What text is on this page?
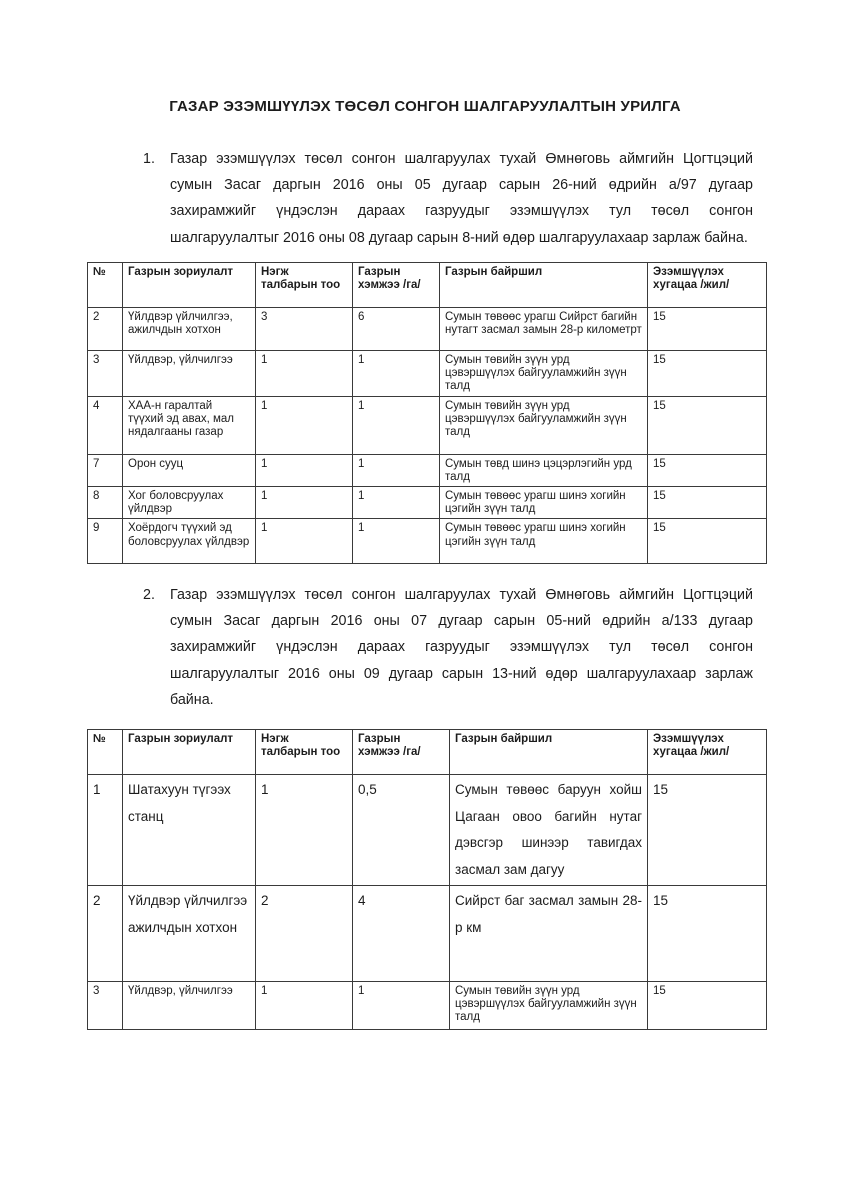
ГАЗАР ЭЗЭМШҮҮЛЭХ ТӨСӨЛ СОНГОН ШАЛГАРУУЛАЛТЫН УРИЛГА
1. Газар эзэмшүүлэх төсөл сонгон шалгаруулах тухай Өмнөговь аймгийн Цогтцэций сумын Засаг даргын 2016 оны 05 дугаар сарын 26-ний өдрийн а/97 дугаар захирамжийг үндэслэн дараах газруудыг эзэмшүүлэх тул төсөл сонгон шалгаруулалтыг 2016 оны 08 дугаар сарын 8-ний өдөр шалгаруулахаар зарлаж байна.
№	Газрын зориулалт	Нэгж талбарын тоо	Газрын хэмжээ /га/	Газрын байршил	Эзэмшүүлэх хугацаа /жил/
2	Үйлдвэр үйлчилгээ, ажилчдын хотхон	3	6	Сумын төвөөс урагш Сийрст багийн нутагт засмал замын 28-р километрт	15
3	Үйлдвэр, үйлчилгээ	1	1	Сумын төвийн зүүн урд цэвэршүүлэх байгууламжийн зүүн талд	15
4	ХАА-н гаралтай түүхий эд авах, мал нядалгааны газар	1	1	Сумын төвийн зүүн урд цэвэршүүлэх байгууламжийн зүүн талд	15
7	Орон сууц	1	1	Сумын төвд шинэ цэцэрлэгийн урд талд	15
8	Хог боловсруулах үйлдвэр	1	1	Сумын төвөөс урагш шинэ хогийн цэгийн зүүн талд	15
9	Хоёрдогч түүхий эд боловсруулах үйлдвэр	1	1	Сумын төвөөс урагш шинэ хогийн цэгийн зүүн талд	15
2. Газар эзэмшүүлэх төсөл сонгон шалгаруулах тухай Өмнөговь аймгийн Цогтцэций сумын Засаг даргын 2016 оны 07 дугаар сарын 05-ний өдрийн а/133 дугаар захирамжийг үндэслэн дараах газруудыг эзэмшүүлэх тул төсөл сонгон шалгаруулалтыг 2016 оны 09 дугаар сарын 13-ний өдөр шалгаруулахаар зарлаж байна.
№	Газрын зориулалт	Нэгж талбарын тоо	Газрын хэмжээ /га/	Газрын байршил	Эзэмшүүлэх хугацаа /жил/
1	Шатахуун түгээх станц	1	0,5	Сумын төвөөс баруун хойш Цагаан овоо багийн нутаг дэвсгэр шинээр тавигдах засмал зам дагуу	15
2	Үйлдвэр үйлчилгээ ажилчдын хотхон	2	4	Сийрст баг засмал замын 28-р км	15
3	Үйлдвэр, үйлчилгээ	1	1	Сумын төвийн зүүн урд цэвэршүүлэх байгууламжийн зүүн талд	15
